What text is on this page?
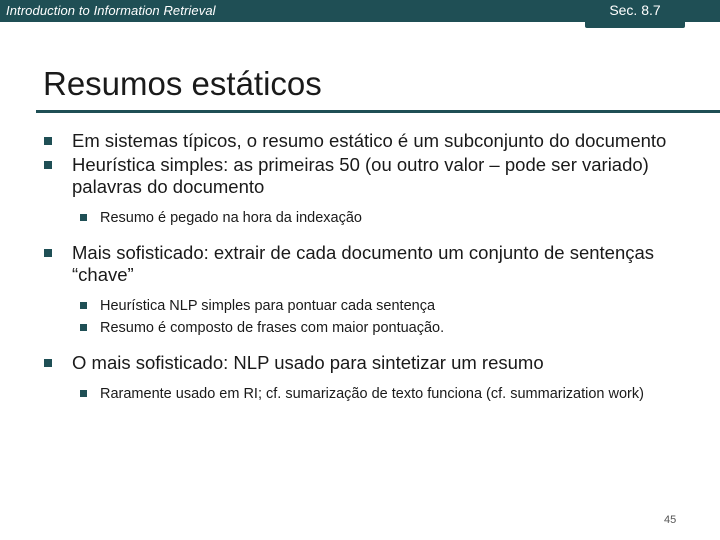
Introduction to Information Retrieval	Sec. 8.7
Resumos estáticos
Em sistemas típicos, o resumo estático é um subconjunto do documento
Heurística simples: as primeiras 50 (ou outro valor – pode ser variado) palavras do documento
Resumo é pegado na hora da indexação
Mais sofisticado: extrair de cada documento um conjunto de sentenças “chave”
Heurística NLP simples para pontuar cada sentença
Resumo é composto de frases com maior pontuação.
O mais sofisticado: NLP usado para sintetizar um resumo
Raramente usado em RI; cf. sumarização de texto funciona (cf. summarization work)
45
